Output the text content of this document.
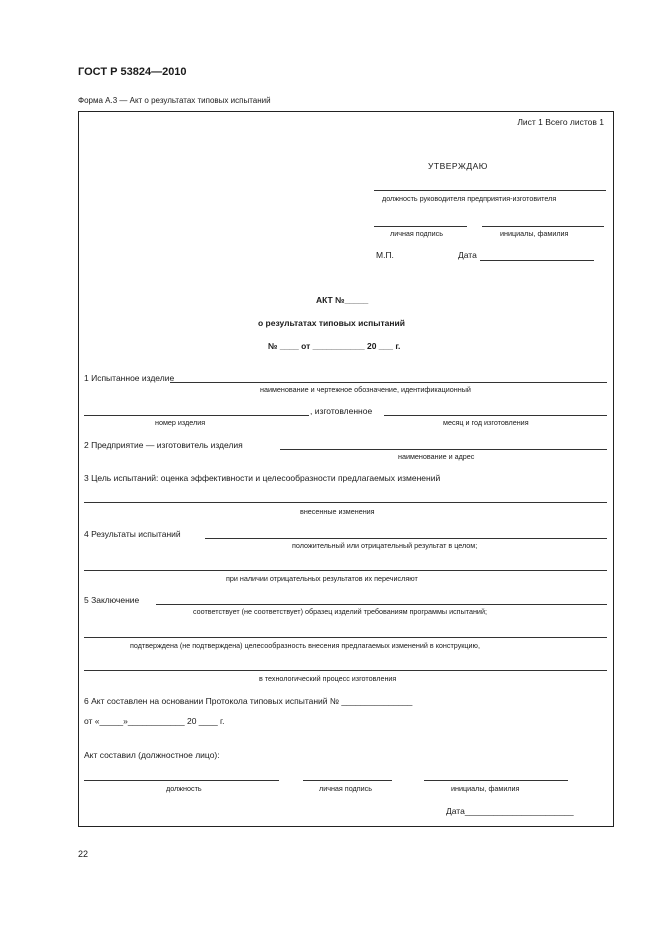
ГОСТ Р 53824—2010
Форма А.3 — Акт о результатах типовых испытаний
Лист 1 Всего листов 1
УТВЕРЖДАЮ
должность руководителя предприятия-изготовителя
личная подпись	инициалы, фамилия
М.П.	Дата
АКТ №_____
о результатах типовых испытаний
№ ____ от ___________ 20 ___ г.
1 Испытанное изделие
наименование и чертежное обозначение, идентификационный
, изготовленное
номер изделия	месяц и год изготовления
2 Предприятие — изготовитель изделия
наименование и адрес
3 Цель испытаний: оценка эффективности и целесообразности предлагаемых изменений
внесенные изменения
4 Результаты испытаний
положительный или отрицательный результат в целом;
при наличии отрицательных результатов их перечисляют
5 Заключение
соответствует (не соответствует) образец изделий требованиям программы испытаний;
подтверждена (не подтверждена) целесообразность внесения предлагаемых изменений в конструкцию,
в технологический процесс изготовления
6 Акт составлен на основании Протокола типовых испытаний № _______________
от «_____»____________ 20 ____ г.
Акт составил (должностное лицо):
должность	личная подпись	инициалы, фамилия
Дата_______________________
22
